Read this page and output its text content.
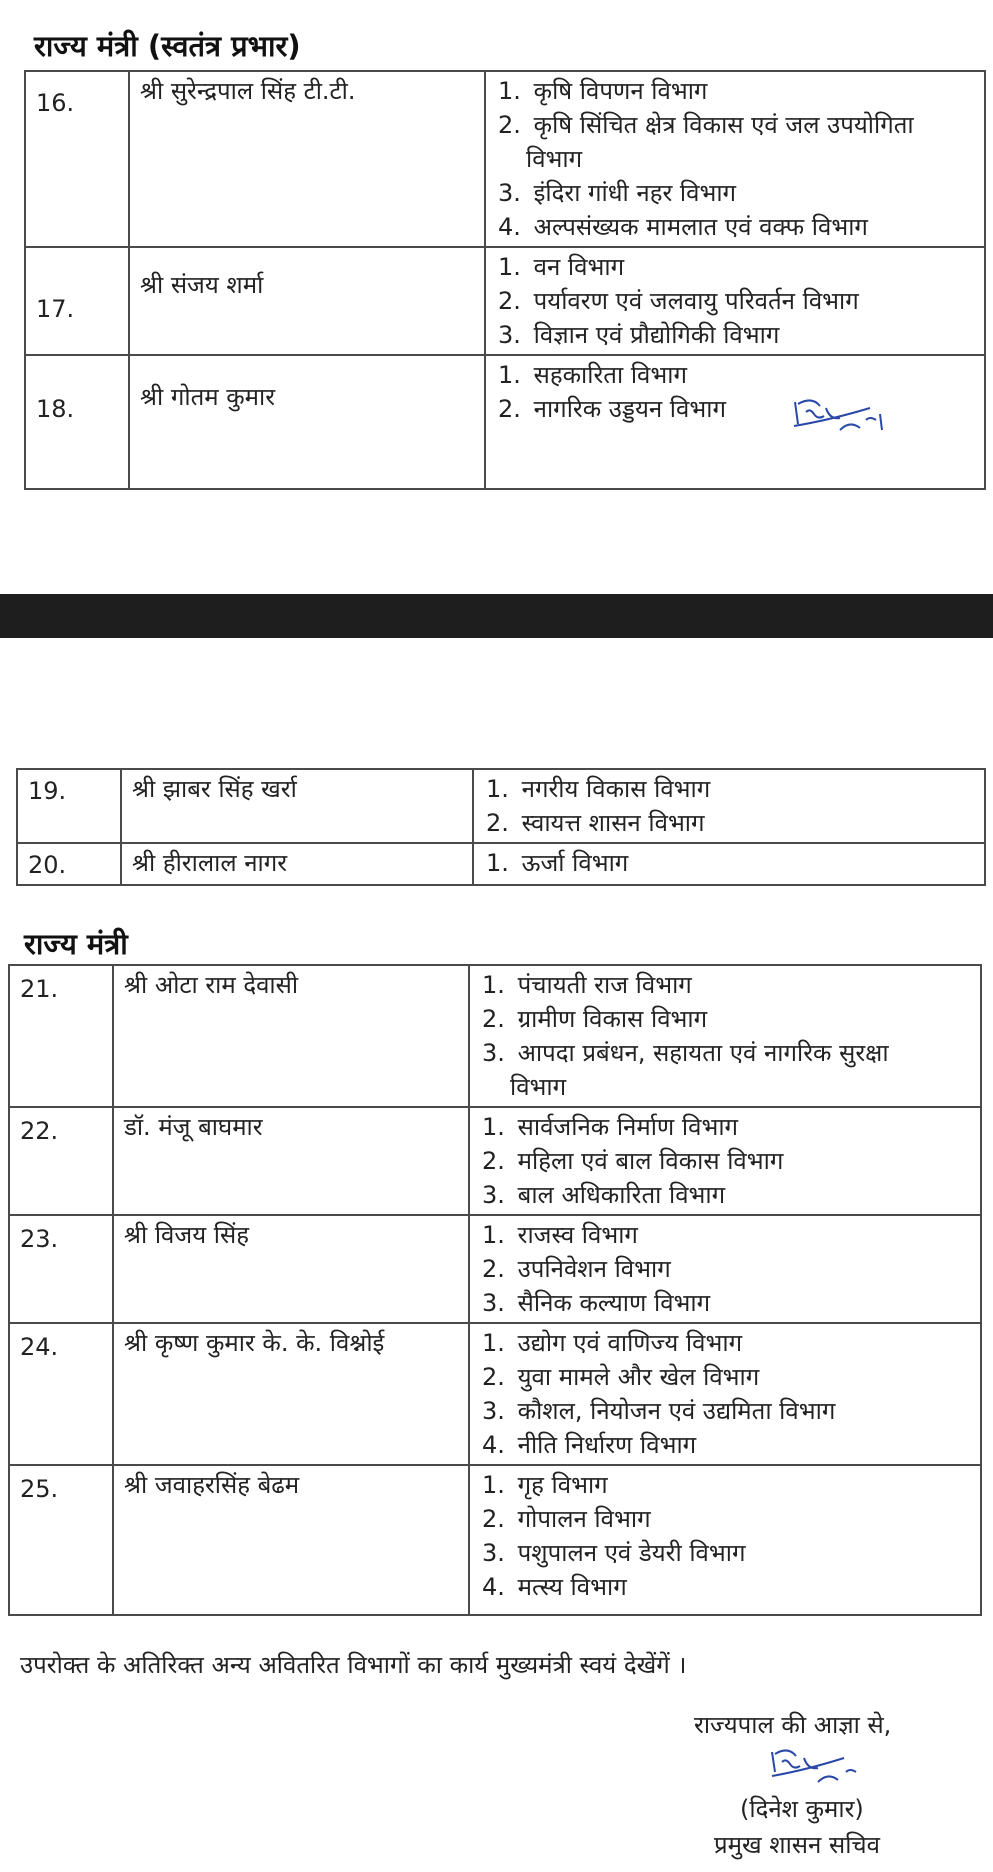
राज्य मंत्री (स्वतंत्र प्रभार)
16.	श्री सुरेन्द्रपाल सिंह टी.टी.	1. कृषि विपणन विभाग
2. कृषि सिंचित क्षेत्र विकास एवं जल उपयोगिता
विभाग
3. इंदिरा गांधी नहर विभाग
4. अल्पसंख्यक मामलात एवं वक्फ विभाग

17.	श्री संजय शर्मा	1. वन विभाग
2. पर्यावरण एवं जलवायु परिवर्तन विभाग
3. विज्ञान एवं प्रौद्योगिकी विभाग

18.	श्री गोतम कुमार	1. सहकारिता विभाग
2. नागरिक उड्डयन विभाग
19.	श्री झाबर सिंह खर्रा	1. नगरीय विकास विभाग
2. स्वायत्त शासन विभाग

20.	श्री हीरालाल नागर	1. ऊर्जा विभाग
राज्य मंत्री
21.	श्री ओटा राम देवासी	1. पंचायती राज विभाग
2. ग्रामीण विकास विभाग
3. आपदा प्रबंधन, सहायता एवं नागरिक सुरक्षा
विभाग

22.	डॉ. मंजू बाघमार	1. सार्वजनिक निर्माण विभाग
2. महिला एवं बाल विकास विभाग
3. बाल अधिकारिता विभाग

23.	श्री विजय सिंह	1. राजस्व विभाग
2. उपनिवेशन विभाग
3. सैनिक कल्याण विभाग

24.	श्री कृष्ण कुमार के. के. विश्नोई	1. उद्योग एवं वाणिज्य विभाग
2. युवा मामले और खेल विभाग
3. कौशल, नियोजन एवं उद्यमिता विभाग
4. नीति निर्धारण विभाग

25.	श्री जवाहरसिंह बेढम	1. गृह विभाग
2. गोपालन विभाग
3. पशुपालन एवं डेयरी विभाग
4. मत्स्य विभाग
उपरोक्त के अतिरिक्त अन्य अवितरित विभागों का कार्य मुख्यमंत्री स्वयं देखेंगें ।
राज्यपाल की आज्ञा से,
(दिनेश कुमार)
प्रमुख शासन सचिव
